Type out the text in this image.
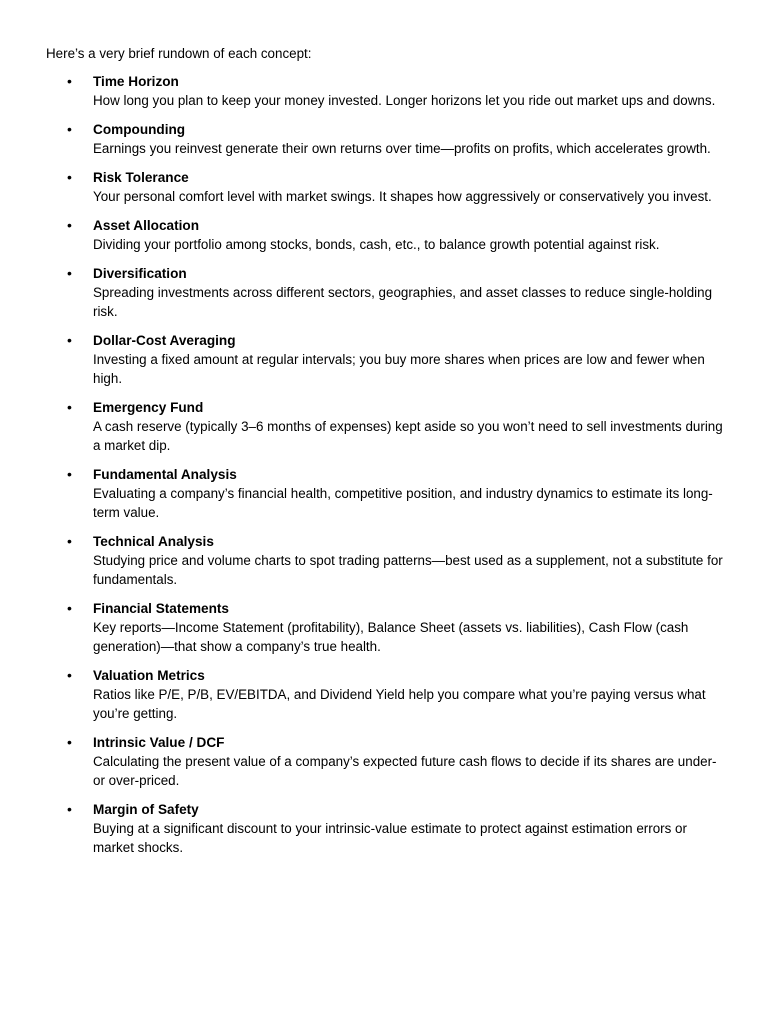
Here’s a very brief rundown of each concept:

• Time Horizon
How long you plan to keep your money invested. Longer horizons let you ride out market ups and downs.
• Compounding
Earnings you reinvest generate their own returns over time—profits on profits, which accelerates growth.
• Risk Tolerance
Your personal comfort level with market swings. It shapes how aggressively or conservatively you invest.
• Asset Allocation
Dividing your portfolio among stocks, bonds, cash, etc., to balance growth potential against risk.
• Diversification
Spreading investments across different sectors, geographies, and asset classes to reduce single-holding risk.
• Dollar-Cost Averaging
Investing a fixed amount at regular intervals; you buy more shares when prices are low and fewer when high.
• Emergency Fund
A cash reserve (typically 3–6 months of expenses) kept aside so you won’t need to sell investments during a market dip.
• Fundamental Analysis
Evaluating a company’s financial health, competitive position, and industry dynamics to estimate its long-term value.
• Technical Analysis
Studying price and volume charts to spot trading patterns—best used as a supplement, not a substitute for fundamentals.
• Financial Statements
Key reports—Income Statement (profitability), Balance Sheet (assets vs. liabilities), Cash Flow (cash generation)—that show a company’s true health.
• Valuation Metrics
Ratios like P/E, P/B, EV/EBITDA, and Dividend Yield help you compare what you’re paying versus what you’re getting.
• Intrinsic Value / DCF
Calculating the present value of a company’s expected future cash flows to decide if its shares are under- or over-priced.
• Margin of Safety
Buying at a significant discount to your intrinsic-value estimate to protect against estimation errors or market shocks.
